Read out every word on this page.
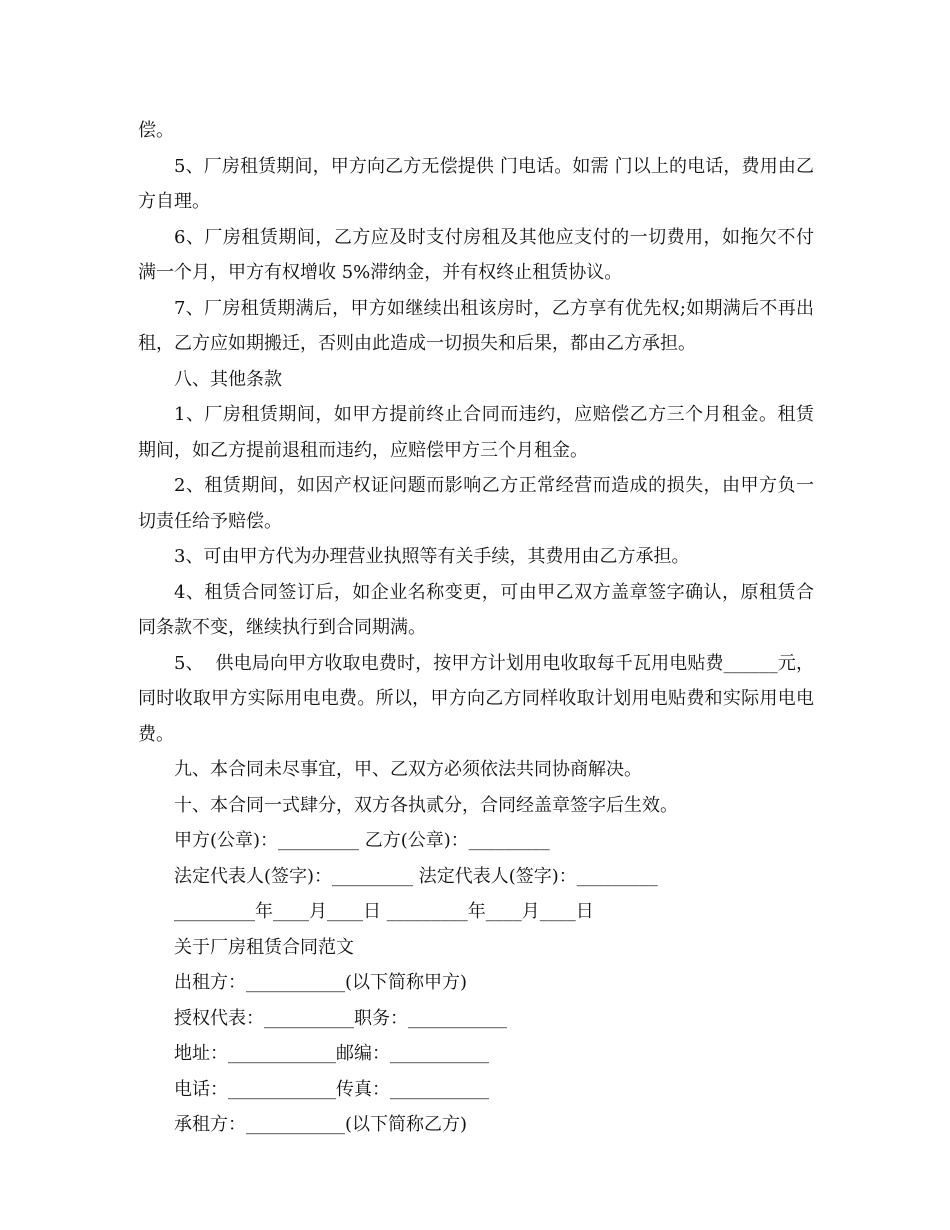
偿。

5、厂房租赁期间，甲方向乙方无偿提供 门电话。如需 门以上的电话，费用由乙方自理。

6、厂房租赁期间，乙方应及时支付房租及其他应支付的一切费用，如拖欠不付满一个月，甲方有权增收 5%滞纳金，并有权终止租赁协议。

7、厂房租赁期满后，甲方如继续出租该房时，乙方享有优先权;如期满后不再出租，乙方应如期搬迁，否则由此造成一切损失和后果，都由乙方承担。

八、其他条款

1、厂房租赁期间，如甲方提前终止合同而违约，应赔偿乙方三个月租金。租赁期间，如乙方提前退租而违约，应赔偿甲方三个月租金。

2、租赁期间，如因产权证问题而影响乙方正常经营而造成的损失，由甲方负一切责任给予赔偿。

3、可由甲方代为办理营业执照等有关手续，其费用由乙方承担。

4、租赁合同签订后，如企业名称变更，可由甲乙双方盖章签字确认，原租赁合同条款不变，继续执行到合同期满。

5、  供电局向甲方收取电费时，按甲方计划用电收取每千瓦用电贴费______元，同时收取甲方实际用电电费。所以，甲方向乙方同样收取计划用电贴费和实际用电电费。

九、本合同未尽事宜，甲、乙双方必须依法共同协商解决。

十、本合同一式肆分，双方各执贰分，合同经盖章签字后生效。

甲方(公章)：_________ 乙方(公章)：_________

法定代表人(签字)：_________ 法定代表人(签字)：_________

_________年____月____日 _________年____月____日

关于厂房租赁合同范文

出租方：___________(以下简称甲方)

授权代表：__________职务：___________

地址：____________邮编：___________

电话：____________传真：___________

承租方：___________(以下简称乙方)
